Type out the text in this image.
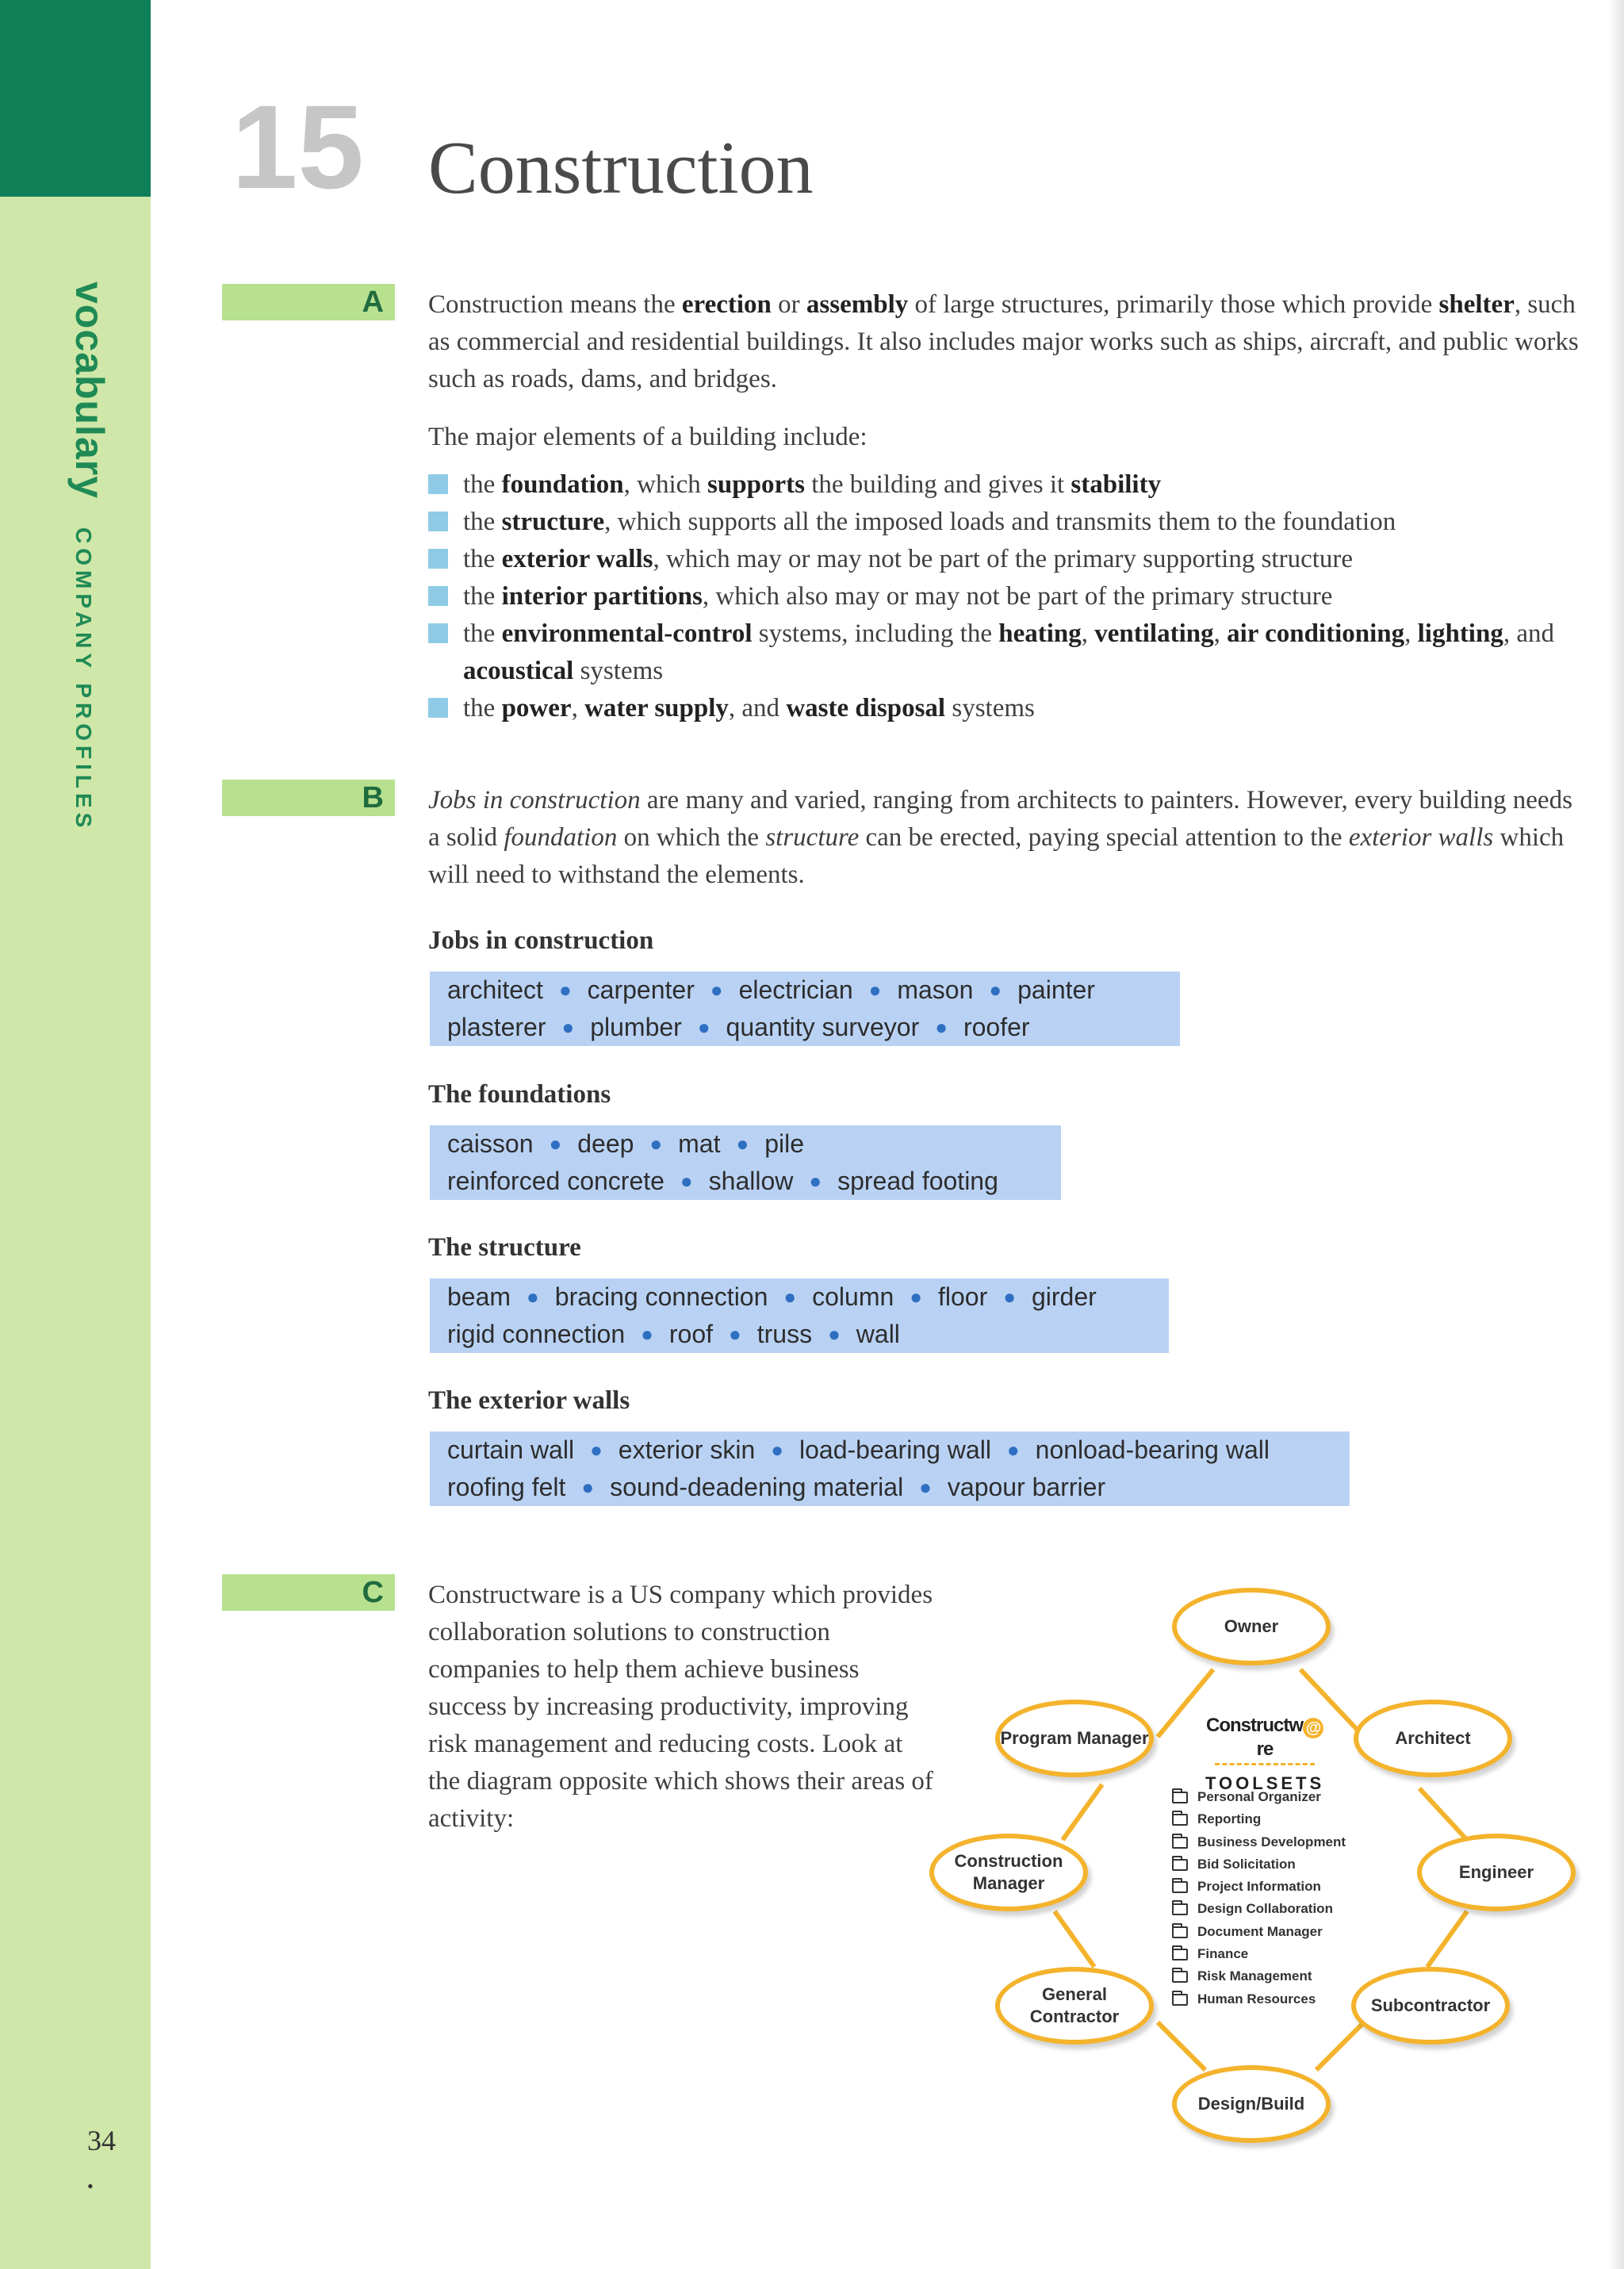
vocabularyCOMPANY PROFILES
34
•
15 Construction
A	Construction means the erection or assembly of large structures, primarily those which provide shelter, such as commercial and residential buildings. It also includes major works such as ships, aircraft, and public works such as roads, dams, and bridges.
The major elements of a building include:
the foundation, which supports the building and gives it stability
the structure, which supports all the imposed loads and transmits them to the foundation
the exterior walls, which may or may not be part of the primary supporting structure
the interior partitions, which also may or may not be part of the primary structure
the environmental-control systems, including the heating, ventilating, air conditioning, lighting, and acoustical systems
the power, water supply, and waste disposal systems
B	Jobs in construction are many and varied, ranging from architects to painters. However, every building needs a solid foundation on which the structure can be erected, paying special attention to the exterior walls which will need to withstand the elements.
Jobs in construction
architect ● carpenter ● electrician ● mason ● painter
plasterer ● plumber ● quantity surveyor ● roofer
The foundations
caisson ● deep ● mat ● pile
reinforced concrete ● shallow ● spread footing
The structure
beam ● bracing connection ● column ● floor ● girder
rigid connection ● roof ● truss ● wall
The exterior walls
curtain wall ● exterior skin ● load-bearing wall ● nonload-bearing wall
roofing felt ● sound-deadening material ● vapour barrier
C	Constructware is a US company which provides collaboration solutions to construction companies to help them achieve business success by increasing productivity, improving risk management and reducing costs. Look at the diagram opposite which shows their areas of activity:
Owner
Architect
Engineer
Subcontractor
Design/Build
General Contractor
Construction Manager
Program Manager
Constructw @re
TOOLSETS
Personal Organizer
Reporting
Business Development
Bid Solicitation
Project Information
Design Collaboration
Document Manager
Finance
Risk Management
Human Resources
